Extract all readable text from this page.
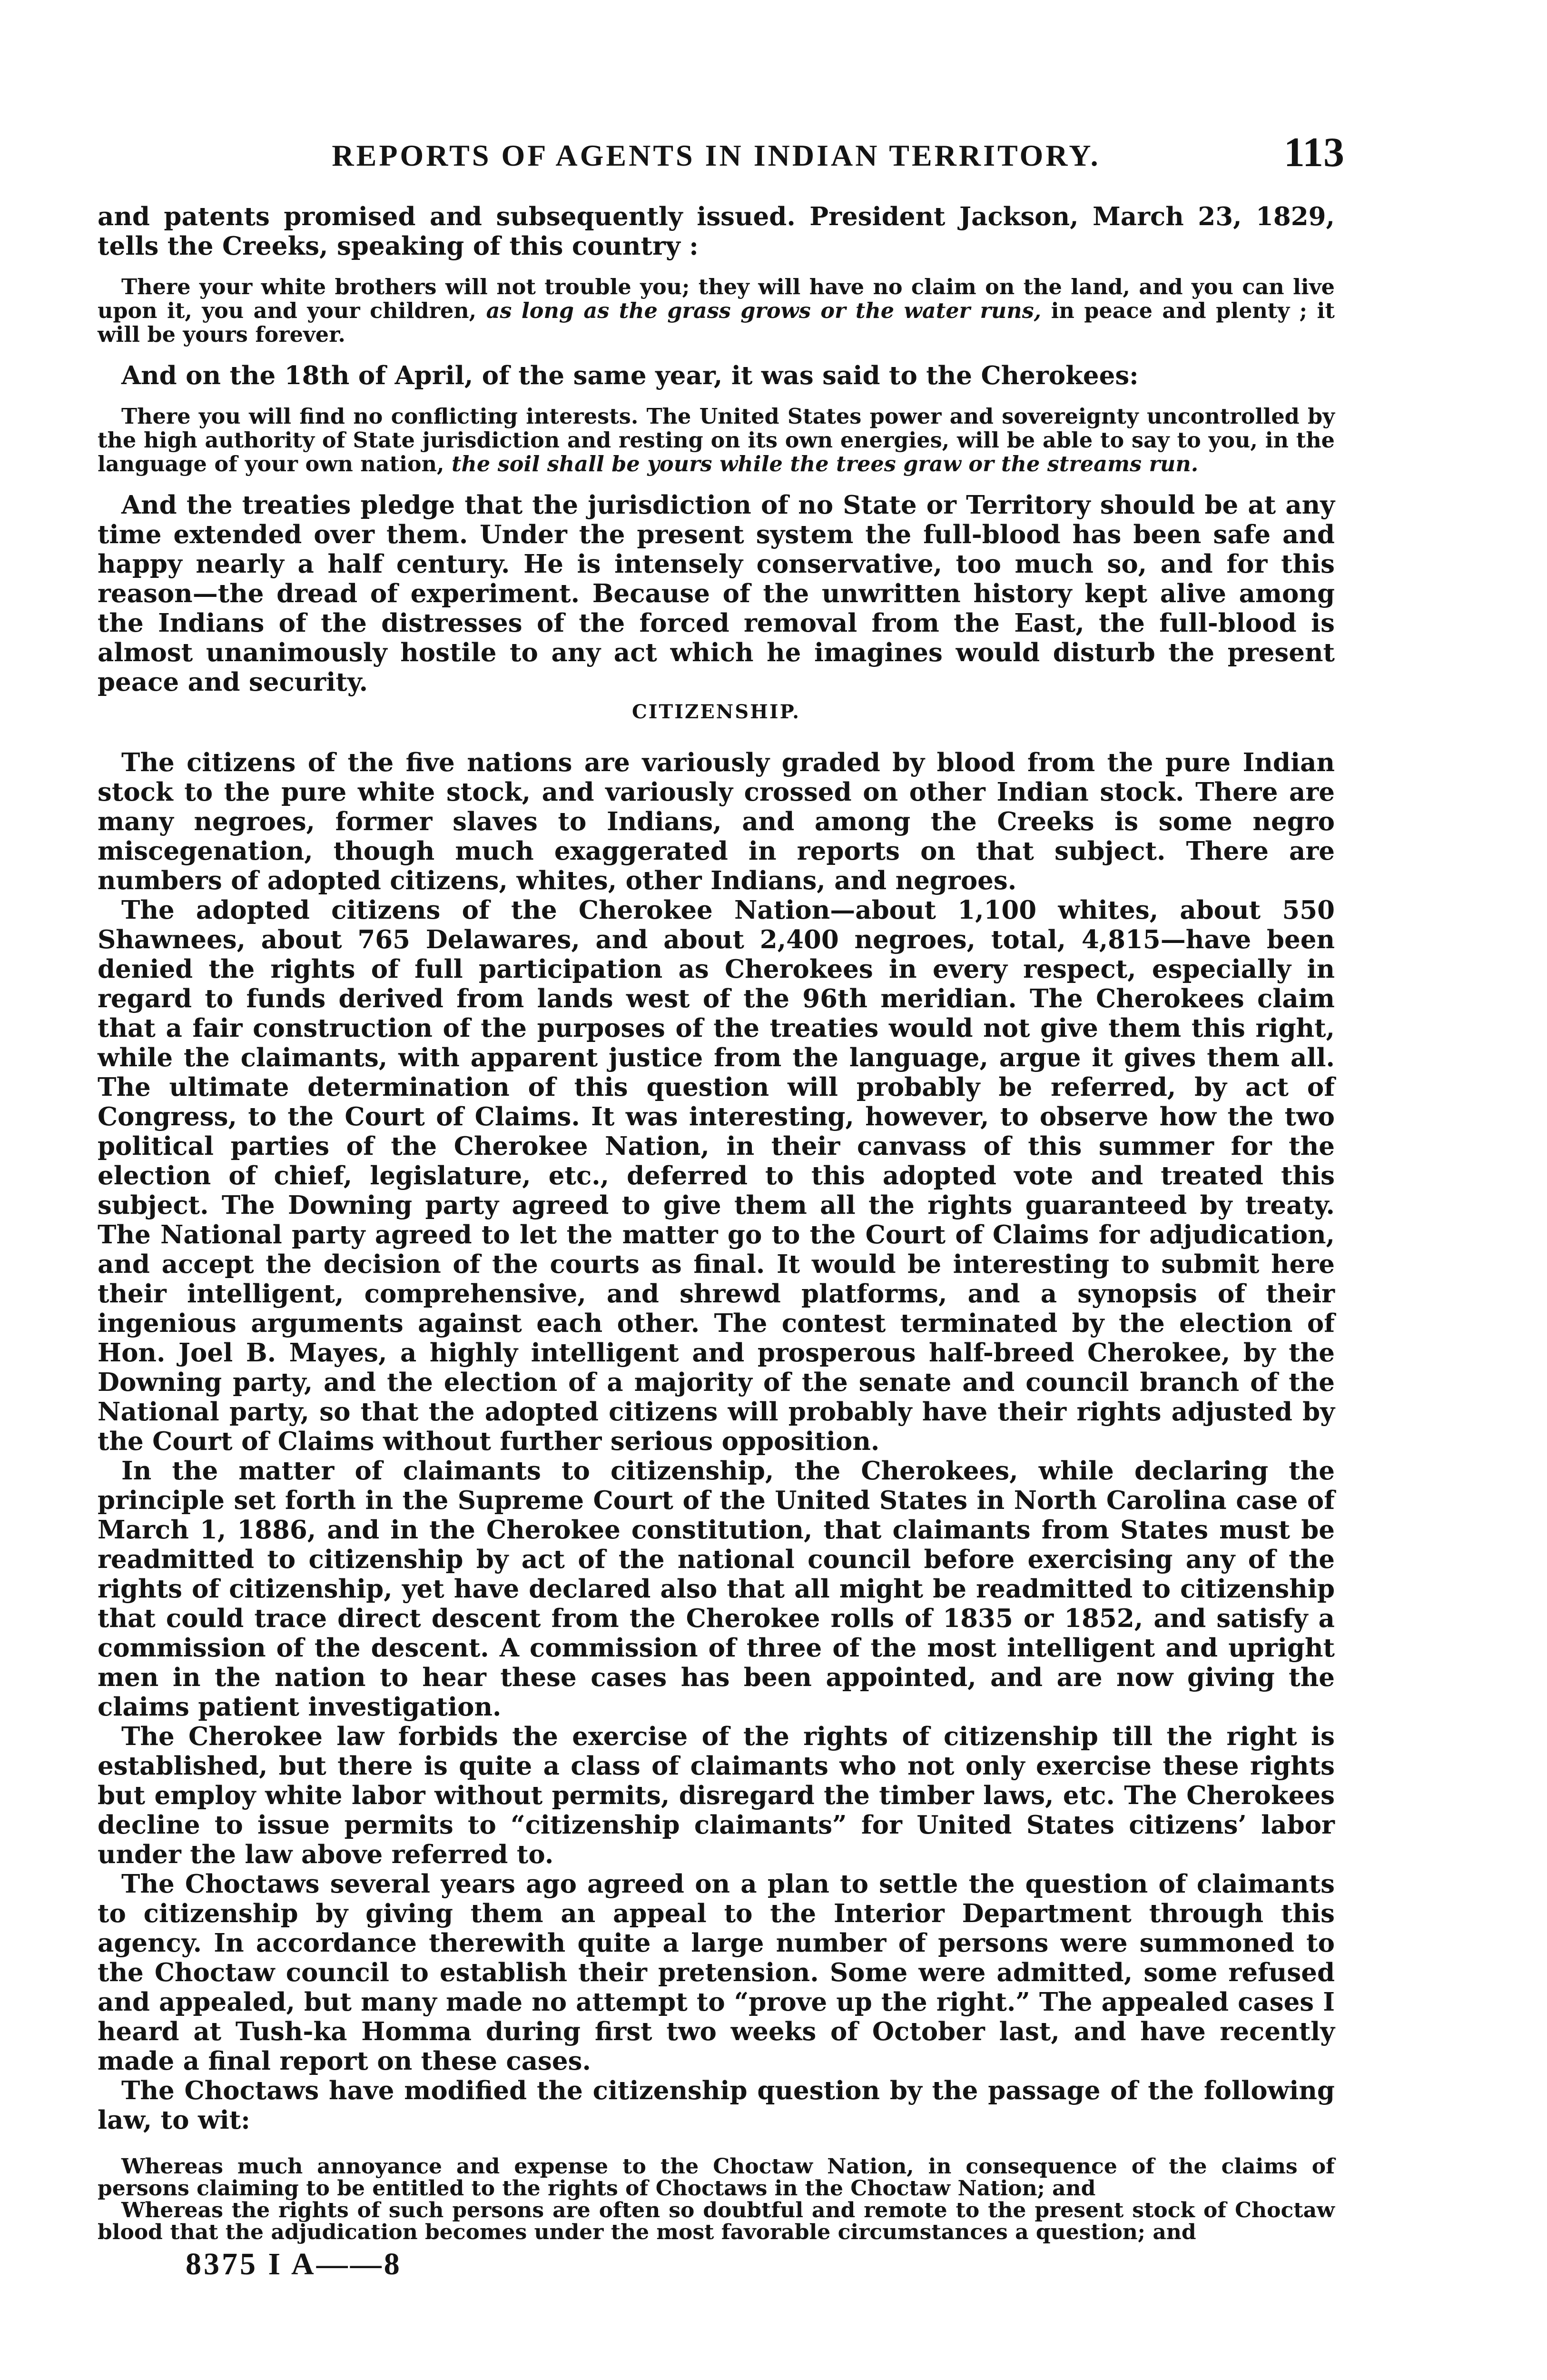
REPORTS OF AGENTS IN INDIAN TERRITORY.	113

and patents promised and subsequently issued. President Jackson, March 23, 1829, tells the Creeks, speaking of this country :

There your white brothers will not trouble you; they will have no claim on the land, and you can live upon it, you and your children, as long as the grass grows or the water runs, in peace and plenty ; it will be yours forever.

And on the 18th of April, of the same year, it was said to the Cherokees:

There you will find no conflicting interests. The United States power and sovereignty uncontrolled by the high authority of State jurisdiction and resting on its own energies, will be able to say to you, in the language of your own nation, the soil shall be yours while the trees graw or the streams run.

And the treaties pledge that the jurisdiction of no State or Territory should be at any time extended over them. Under the present system the full-blood has been safe and happy nearly a half century. He is intensely conservative, too much so, and for this reason—the dread of experiment. Because of the unwritten history kept alive among the Indians of the distresses of the forced removal from the East, the full-blood is almost unanimously hostile to any act which he imagines would disturb the present peace and security.

CITIZENSHIP.

The citizens of the five nations are variously graded by blood from the pure Indian stock to the pure white stock, and variously crossed on other Indian stock. There are many negroes, former slaves to Indians, and among the Creeks is some negro miscegenation, though much exaggerated in reports on that subject. There are numbers of adopted citizens, whites, other Indians, and negroes.

The adopted citizens of the Cherokee Nation—about 1,100 whites, about 550 Shawnees, about 765 Delawares, and about 2,400 negroes, total, 4,815—have been denied the rights of full participation as Cherokees in every respect, especially in regard to funds derived from lands west of the 96th meridian. The Cherokees claim that a fair construction of the purposes of the treaties would not give them this right, while the claimants, with apparent justice from the language, argue it gives them all. The ultimate determination of this question will probably be referred, by act of Congress, to the Court of Claims. It was interesting, however, to observe how the two political parties of the Cherokee Nation, in their canvass of this summer for the election of chief, legislature, etc., deferred to this adopted vote and treated this subject. The Downing party agreed to give them all the rights guaranteed by treaty. The National party agreed to let the matter go to the Court of Claims for adjudication, and accept the decision of the courts as final. It would be interesting to submit here their intelligent, comprehensive, and shrewd platforms, and a synopsis of their ingenious arguments against each other. The contest terminated by the election of Hon. Joel B. Mayes, a highly intelligent and prosperous half-breed Cherokee, by the Downing party, and the election of a majority of the senate and council branch of the National party, so that the adopted citizens will probably have their rights adjusted by the Court of Claims without further serious opposition.

In the matter of claimants to citizenship, the Cherokees, while declaring the principle set forth in the Supreme Court of the United States in North Carolina case of March 1, 1886, and in the Cherokee constitution, that claimants from States must be readmitted to citizenship by act of the national council before exercising any of the rights of citizenship, yet have declared also that all might be readmitted to citizenship that could trace direct descent from the Cherokee rolls of 1835 or 1852, and satisfy a commission of the descent. A commission of three of the most intelligent and upright men in the nation to hear these cases has been appointed, and are now giving the claims patient investigation.

The Cherokee law forbids the exercise of the rights of citizenship till the right is established, but there is quite a class of claimants who not only exercise these rights but employ white labor without permits, disregard the timber laws, etc. The Cherokees decline to issue permits to “citizenship claimants” for United States citizens’ labor under the law above referred to.

The Choctaws several years ago agreed on a plan to settle the question of claimants to citizenship by giving them an appeal to the Interior Department through this agency. In accordance therewith quite a large number of persons were summoned to the Choctaw council to establish their pretension. Some were admitted, some refused and appealed, but many made no attempt to “prove up the right.” The appealed cases I heard at Tush-ka Homma during first two weeks of October last, and have recently made a final report on these cases.

The Choctaws have modified the citizenship question by the passage of the following law, to wit:

Whereas much annoyance and expense to the Choctaw Nation, in consequence of the claims of persons claiming to be entitled to the rights of Choctaws in the Choctaw Nation; and

Whereas the rights of such persons are often so doubtful and remote to the present stock of Choctaw blood that the adjudication becomes under the most favorable circumstances a question; and

8375 I A——8
